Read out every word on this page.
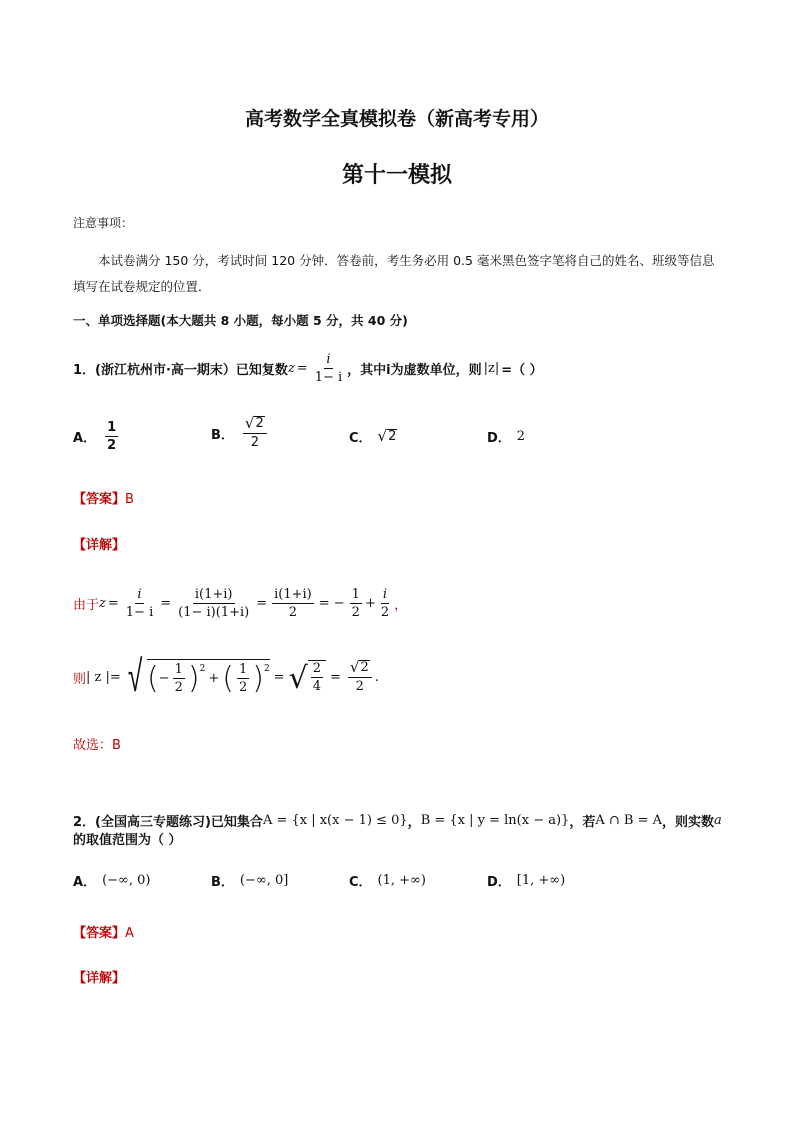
高考数学全真模拟卷（新高考专用）
第十一模拟
注意事项：
本试卷满分 150 分，考试时间 120 分钟．答卷前，考生务必用 0.5 毫米黑色签字笔将自己的姓名、班级等信息填写在试卷规定的位置．
一、单项选择题(本大题共 8 小题，每小题 5 分，共 40 分)
1．(浙江杭州市·高一期末）已知复数 $z = \frac{i}{1- i}$ ，其中i为虚数单位，则 |z| =（ ）
A． $\frac{1}{2}$	B． $\frac{√ 2}{2}$	C． √ 2	D． 2
【答案】B
【详解】
由于 $z = \frac{i}{1- i} = \frac{i(1+i)}{(1- i)(1+i)} = \frac{i(1+i)}{2}$ = − $\frac{1}{2} + \frac{i}{2}$ ，
则 | z |= √ ( − $\frac{1}{2}$ ) 2
+ ( $\frac{1}{2}$ ) 2
= √ $\frac{2}{4} = \frac{√ 2}{2}$ .
故选：B
2．(全国高三专题练习)已知集合 A = {x | x(x − 1) ≤ 0} ， B = {x | y = ln(x − a)} ，若 A ∩ B = A ，则实数 a
的取值范围为（ ）
A． (−∞, 0)	B． (−∞, 0]	C． (1, +∞)	D． [1, +∞)
【答案】A
【详解】
